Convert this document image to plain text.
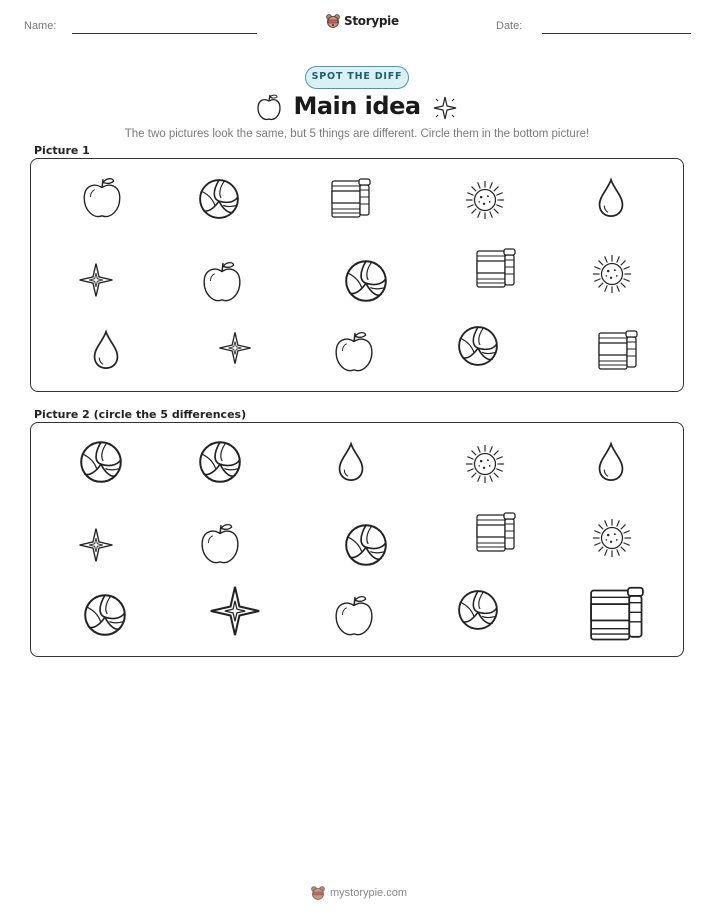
Name:	Storypie	Date:
SPOT THE DIFF
Main idea
The two pictures look the same, but 5 things are different. Circle them in the bottom picture!
Picture 1
Picture 2 (circle the 5 differences)
mystorypie.com
